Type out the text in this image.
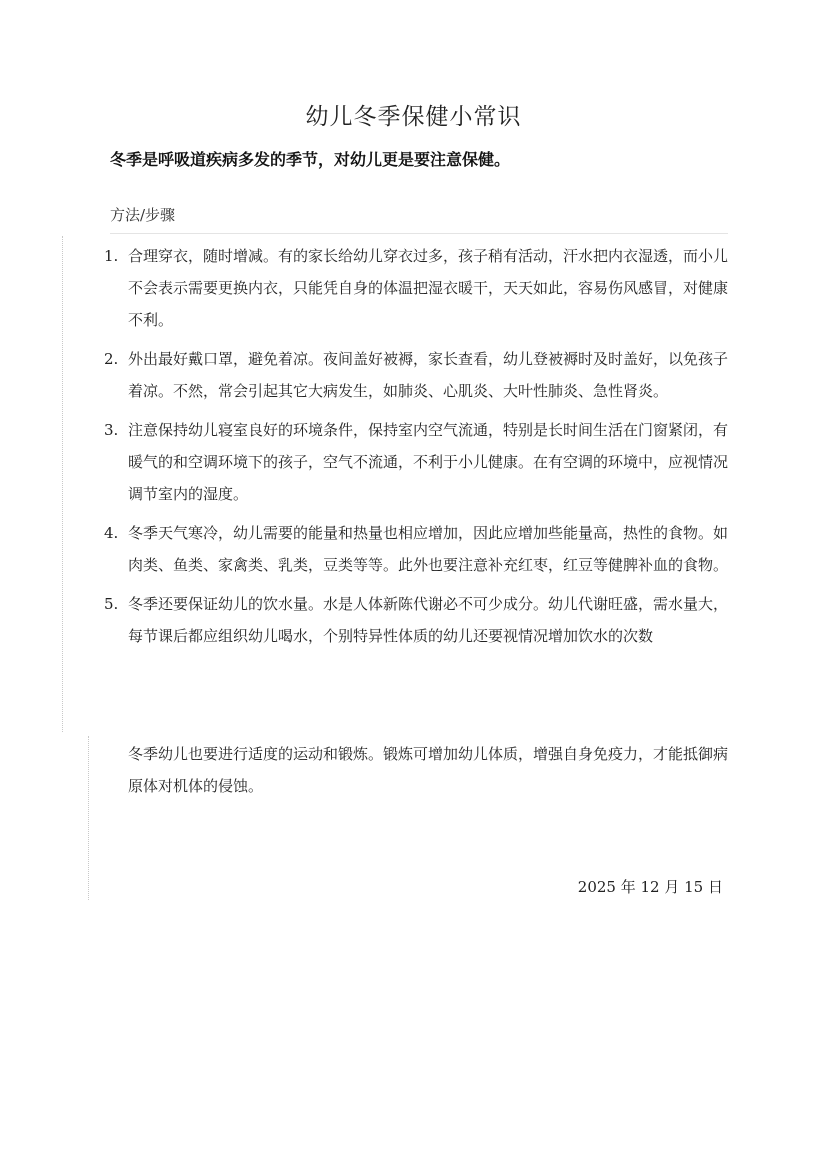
幼儿冬季保健小常识
冬季是呼吸道疾病多发的季节，对幼儿更是要注意保健。
方法/步骤
1. 合理穿衣，随时增减。有的家长给幼儿穿衣过多，孩子稍有活动，汗水把内衣湿透，而小儿不会表示需要更换内衣，只能凭自身的体温把湿衣暖干，天天如此，容易伤风感冒，对健康不利。
2. 外出最好戴口罩，避免着凉。夜间盖好被褥，家长查看，幼儿登被褥时及时盖好，以免孩子着凉。不然，常会引起其它大病发生，如肺炎、心肌炎、大叶性肺炎、急性肾炎。
3. 注意保持幼儿寝室良好的环境条件，保持室内空气流通，特别是长时间生活在门窗紧闭，有暖气的和空调环境下的孩子，空气不流通，不利于小儿健康。在有空调的环境中，应视情况调节室内的湿度。
4. 冬季天气寒冷，幼儿需要的能量和热量也相应增加，因此应增加些能量高，热性的食物。如肉类、鱼类、家禽类、乳类，豆类等等。此外也要注意补充红枣，红豆等健脾补血的食物。
5. 冬季还要保证幼儿的饮水量。水是人体新陈代谢必不可少成分。幼儿代谢旺盛，需水量大，每节课后都应组织幼儿喝水，个别特异性体质的幼儿还要视情况增加饮水的次数
冬季幼儿也要进行适度的运动和锻炼。锻炼可增加幼儿体质，增强自身免疫力，才能抵御病原体对机体的侵蚀。
2025 年 12 月 15 日
